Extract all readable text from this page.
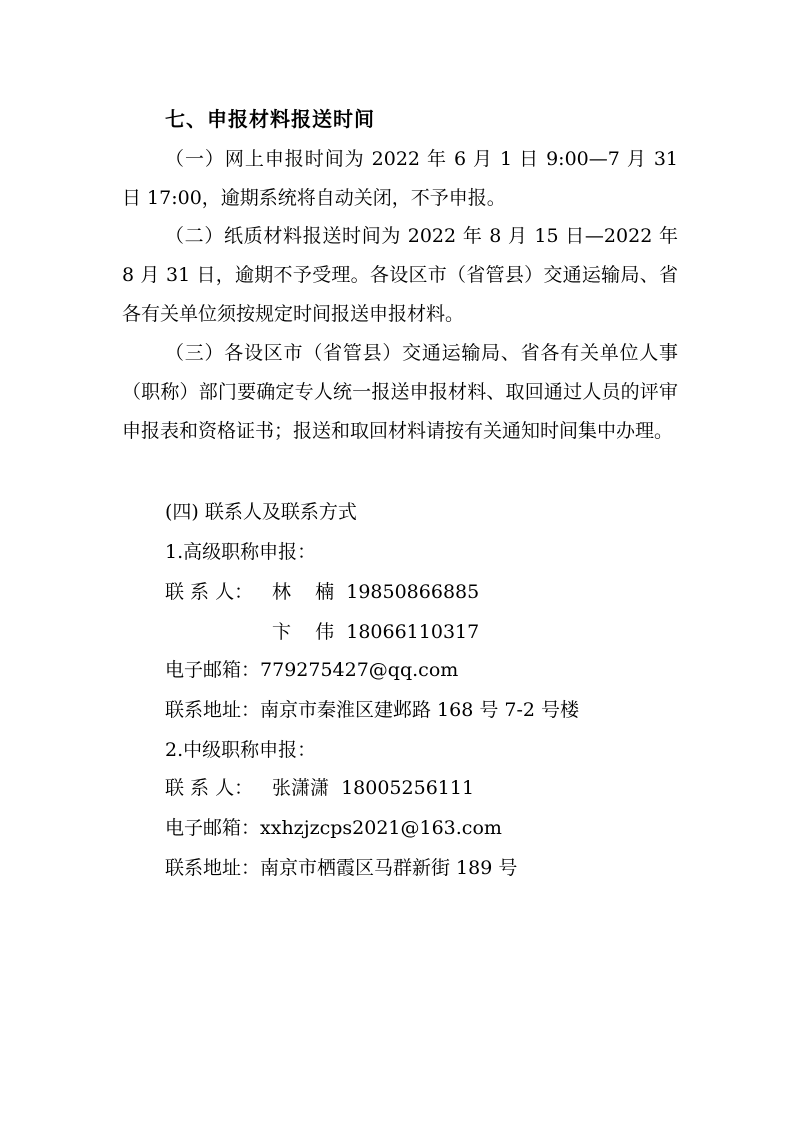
七、申报材料报送时间

（一）网上申报时间为 2022 年 6 月 1 日 9:00—7 月 31 日 17:00，逾期系统将自动关闭，不予申报。

（二）纸质材料报送时间为 2022 年 8 月 15 日—2022 年 8 月 31 日，逾期不予受理。各设区市（省管县）交通运输局、省各有关单位须按规定时间报送申报材料。

（三）各设区市（省管县）交通运输局、省各有关单位人事（职称）部门要确定专人统一报送申报材料、取回通过人员的评审申报表和资格证书；报送和取回材料请按有关通知时间集中办理。

(四) 联系人及联系方式
1.高级职称申报：
联 系 人： 林    楠  19850866885
卞    伟  18066110317
电子邮箱：779275427@qq.com
联系地址：南京市秦淮区建邺路 168 号 7-2 号楼
2.中级职称申报：
联 系 人： 张潇潇  18005256111
电子邮箱：xxhzjzcps2021@163.com
联系地址：南京市栖霞区马群新街 189 号
